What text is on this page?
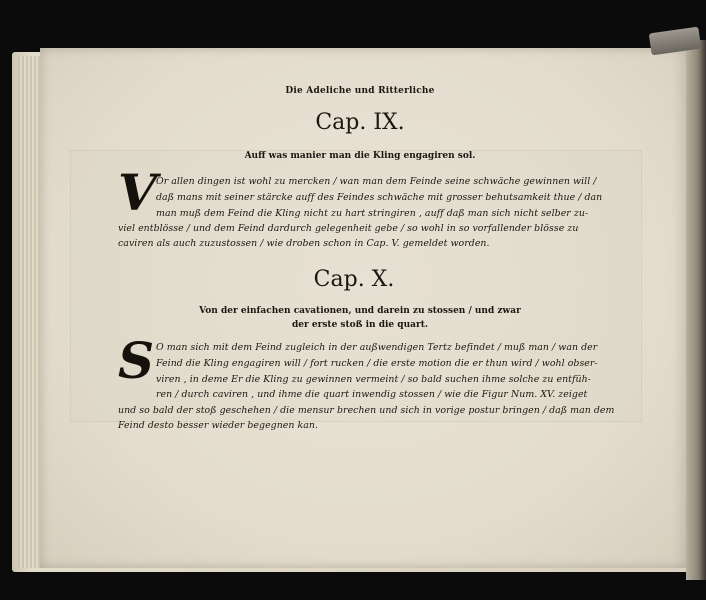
Die Adeliche und Ritterliche
Cap. IX.
Auff was manier man die Kling engagiren sol.
V Or allen dingen ist wohl zu mercken / wan man dem Feinde seine schwäche gewinnen will /
daß mans mit seiner stärcke auff des Feindes schwäche mit grosser behutsamkeit thue / dan
man muß dem Feind die Kling nicht zu hart stringiren , auff daß man sich nicht selber zu-
viel entblösse / und dem Feind dardurch gelegenheit gebe / so wohl in so vorfallender blösse zu
caviren als auch zuzustossen / wie droben schon in Cap. V. gemeldet worden.
Cap. X.
Von der einfachen cavationen, und darein zu stossen / und zwar
der erste stoß in die quart.
S O man sich mit dem Feind zugleich in der außwendigen Tertz befindet / muß man / wan der
Feind die Kling engagiren will / fort rucken / die erste motion die er thun wird / wohl obser-
viren , in deme Er die Kling zu gewinnen vermeint / so bald suchen ihme solche zu entfüh-
ren / durch caviren , und ihme die quart inwendig stossen / wie die Figur Num. XV. zeiget
und so bald der stoß geschehen / die mensur brechen und sich in vorige postur bringen / daß man dem
Feind desto besser wieder begegnen kan.
